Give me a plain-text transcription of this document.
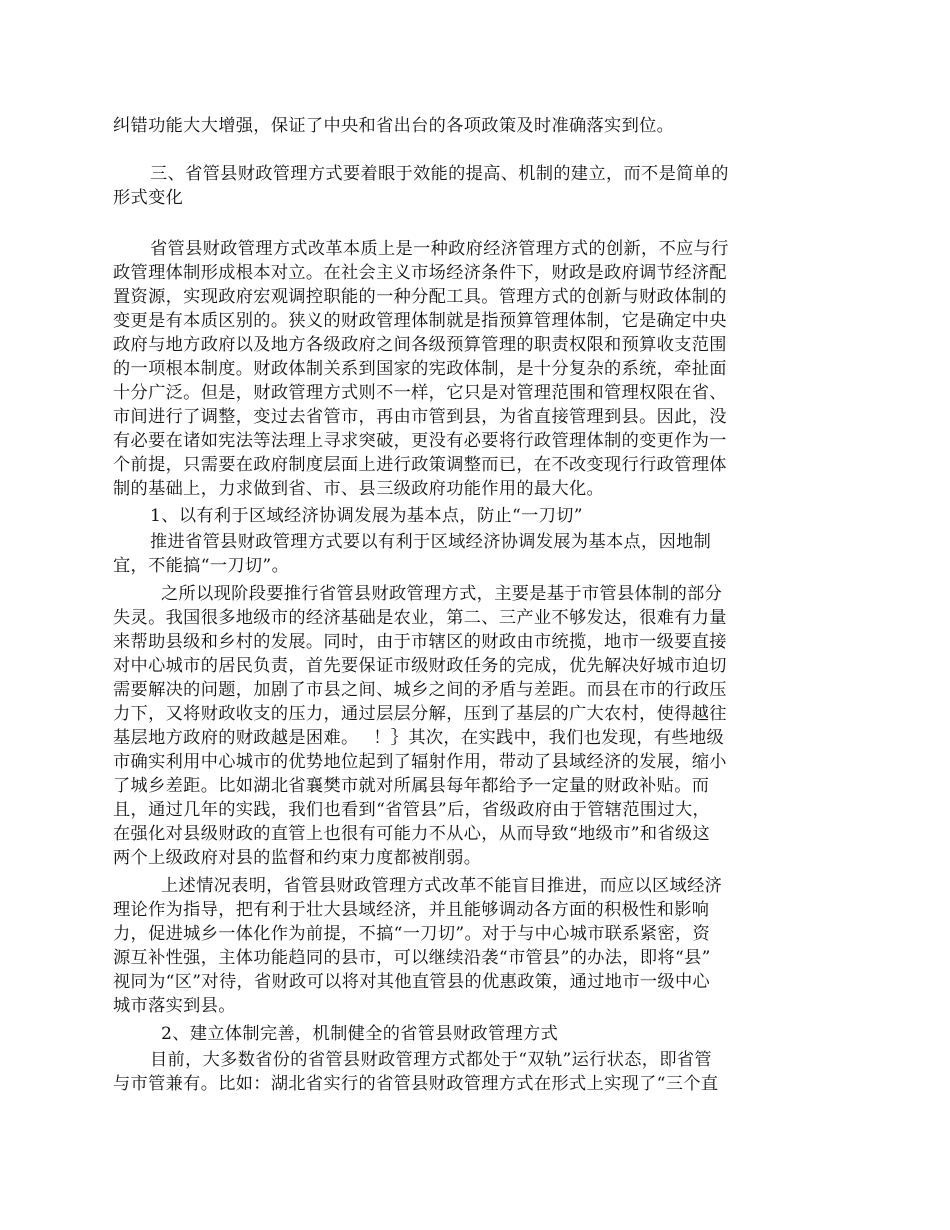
纠错功能大大增强，保证了中央和省出台的各项政策及时准确落实到位。
三、省管县财政管理方式要着眼于效能的提高、机制的建立，而不是简单的
形式变化
省管县财政管理方式改革本质上是一种政府经济管理方式的创新，不应与行
政管理体制形成根本对立。在社会主义市场经济条件下，财政是政府调节经济配
置资源，实现政府宏观调控职能的一种分配工具。管理方式的创新与财政体制的
变更是有本质区别的。狭义的财政管理体制就是指预算管理体制，它是确定中央
政府与地方政府以及地方各级政府之间各级预算管理的职责权限和预算收支范围
的一项根本制度。财政体制关系到国家的宪政体制，是十分复杂的系统，牵扯面
十分广泛。但是，财政管理方式则不一样，它只是对管理范围和管理权限在省、
市间进行了调整，变过去省管市，再由市管到县，为省直接管理到县。因此，没
有必要在诸如宪法等法理上寻求突破，更没有必要将行政管理体制的变更作为一
个前提，只需要在政府制度层面上进行政策调整而已，在不改变现行行政管理体
制的基础上，力求做到省、市、县三级政府功能作用的最大化。
1、以有利于区域经济协调发展为基本点，防止“一刀切”
推进省管县财政管理方式要以有利于区域经济协调发展为基本点，因地制
宜，不能搞“一刀切”。
之所以现阶段要推行省管县财政管理方式，主要是基于市管县体制的部分
失灵。我国很多地级市的经济基础是农业，第二、三产业不够发达，很难有力量
来帮助县级和乡村的发展。同时，由于市辖区的财政由市统揽，地市一级要直接
对中心城市的居民负责，首先要保证市级财政任务的完成，优先解决好城市迫切
需要解决的问题，加剧了市县之间、城乡之间的矛盾与差距。而县在市的行政压
力下，又将财政收支的压力，通过层层分解，压到了基层的广大农村，使得越往
基层地方政府的财政越是困难。　 ！｝其次，在实践中，我们也发现，有些地级
市确实利用中心城市的优势地位起到了辐射作用，带动了县域经济的发展，缩小
了城乡差距。比如湖北省襄樊市就对所属县每年都给予一定量的财政补贴。而
且，通过几年的实践，我们也看到“省管县”后，省级政府由于管辖范围过大，
在强化对县级财政的直管上也很有可能力不从心，从而导致“地级市”和省级这
两个上级政府对县的监督和约束力度都被削弱。
上述情况表明，省管县财政管理方式改革不能盲目推进，而应以区域经济
理论作为指导，把有利于壮大县域经济，并且能够调动各方面的积极性和影响
力，促进城乡一体化作为前提，不搞“一刀切”。对于与中心城市联系紧密，资
源互补性强，主体功能趋同的县市，可以继续沿袭“市管县”的办法，即将“县”
视同为“区”对待，省财政可以将对其他直管县的优惠政策，通过地市一级中心
城市落实到县。
2、建立体制完善，机制健全的省管县财政管理方式
目前，大多数省份的省管县财政管理方式都处于“双轨”运行状态，即省管
与市管兼有。比如：湖北省实行的省管县财政管理方式在形式上实现了“三个直
